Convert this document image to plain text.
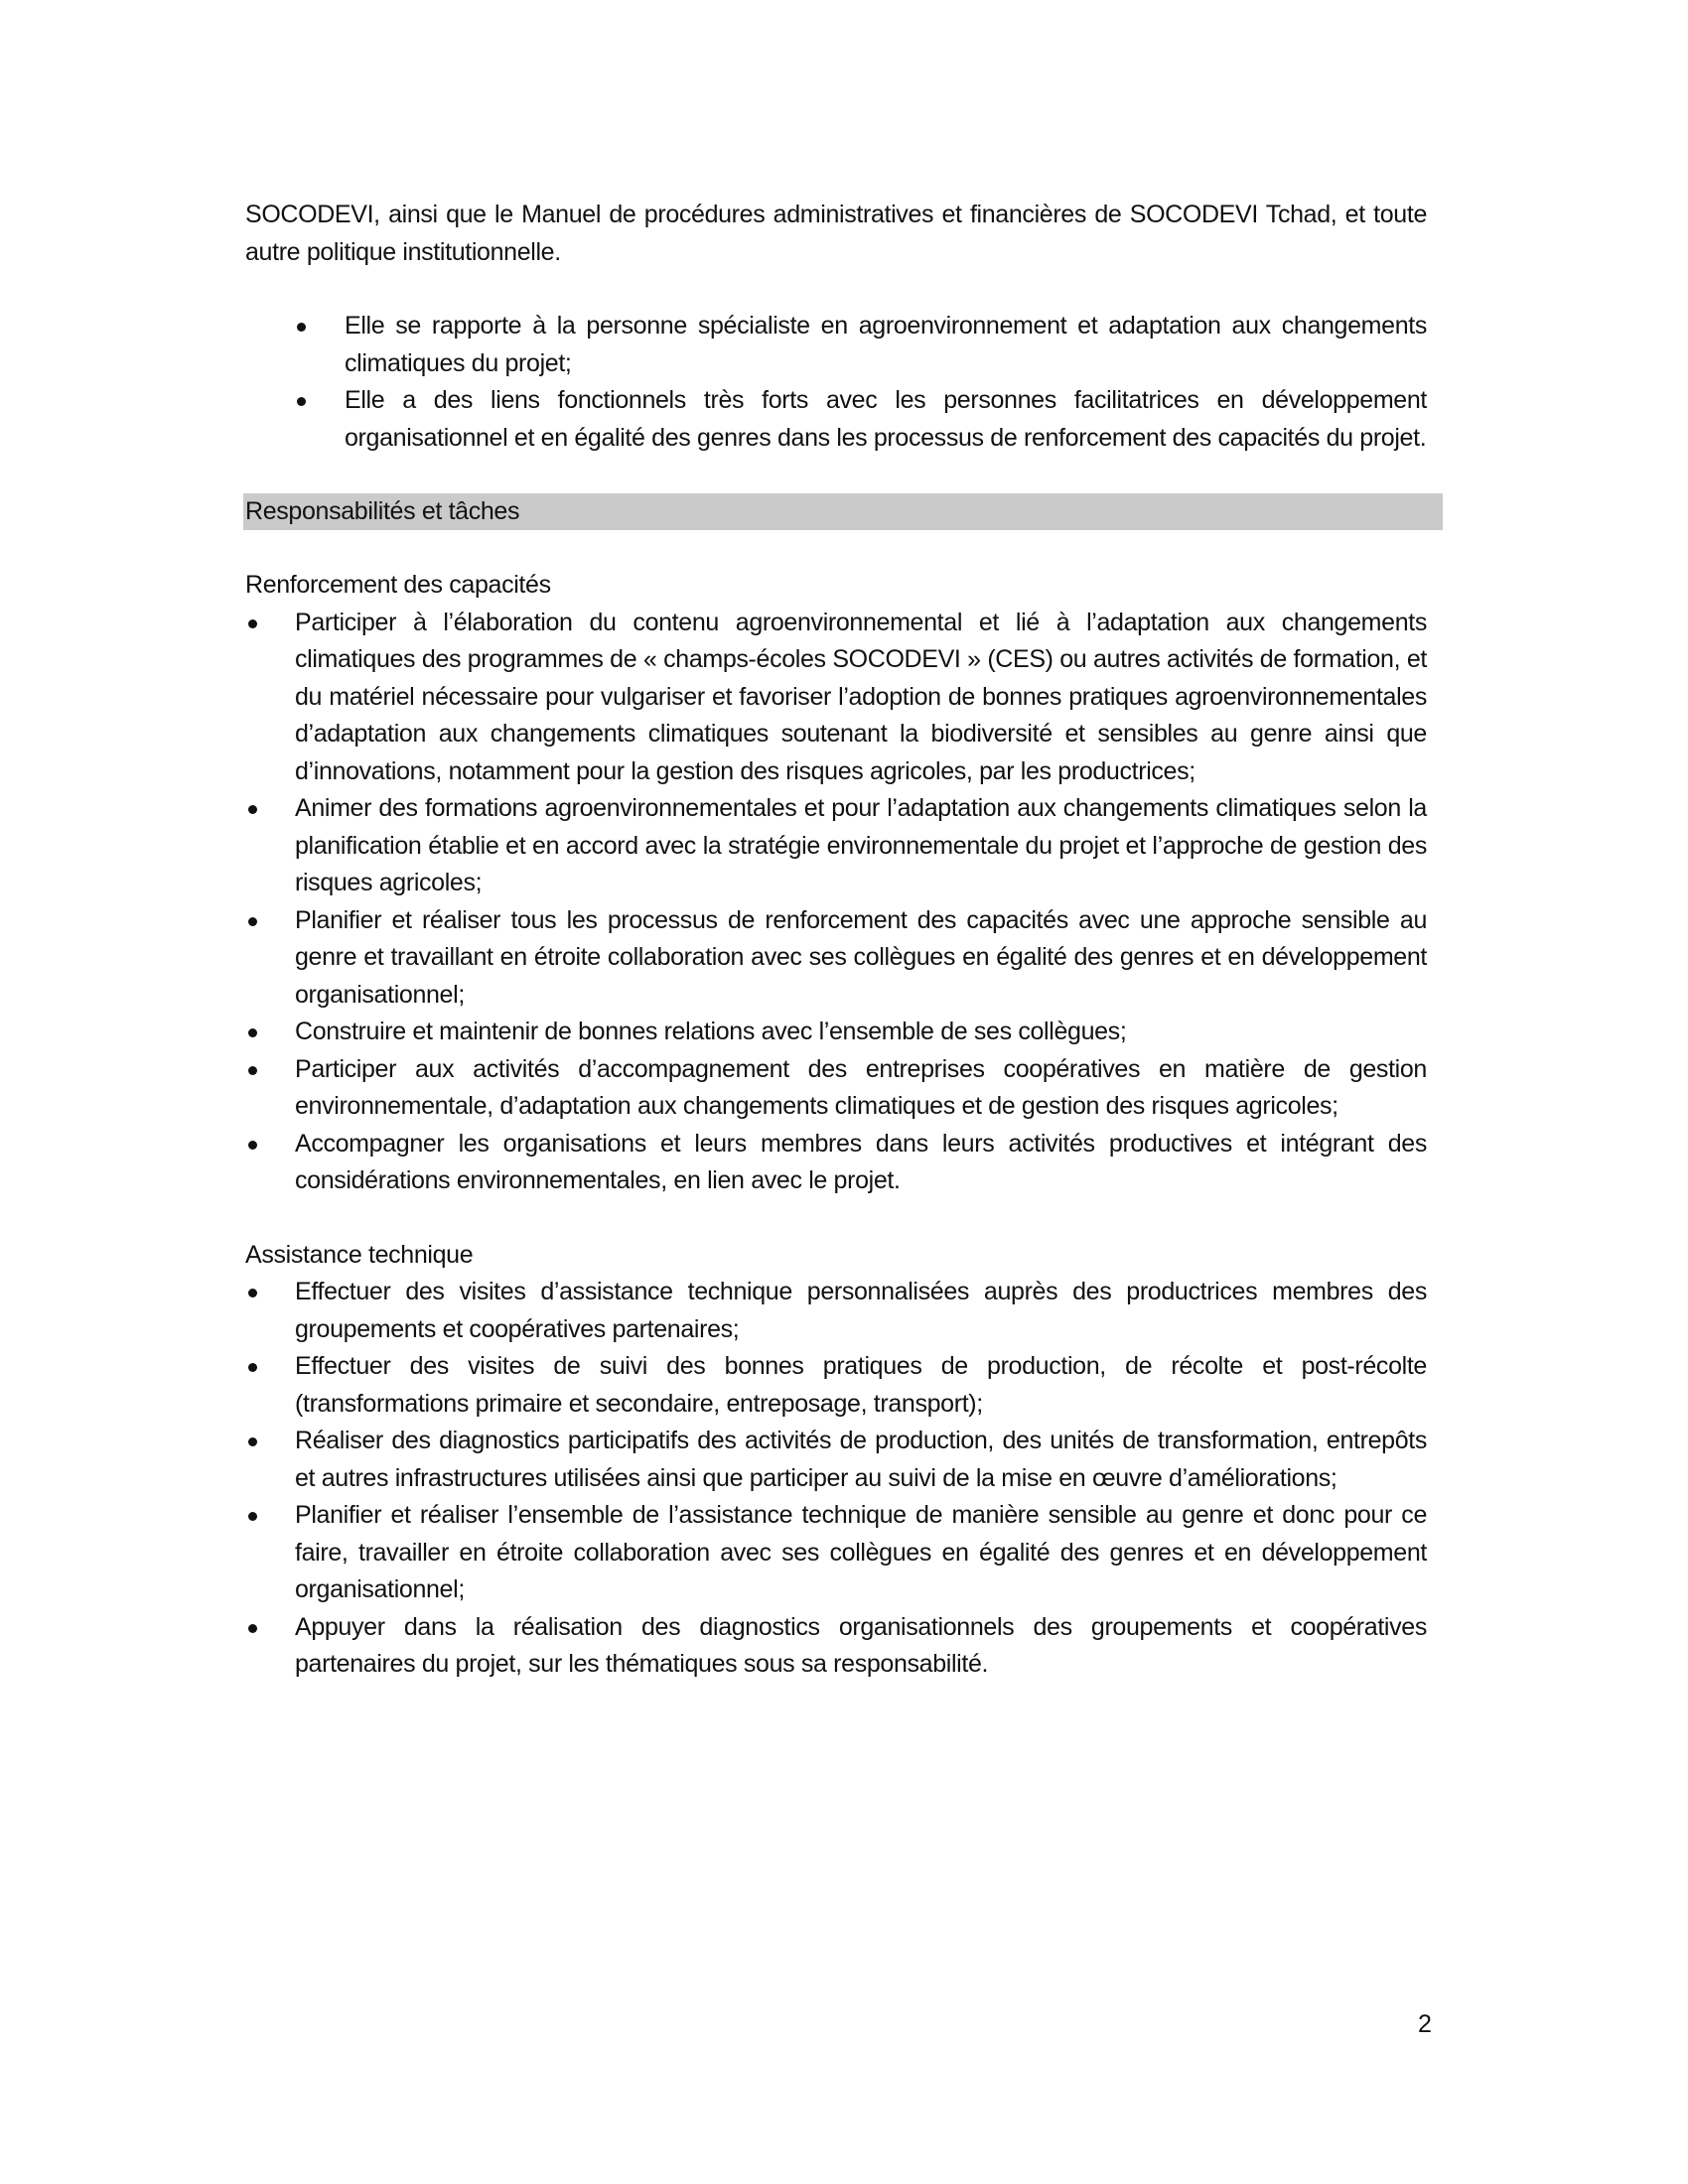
SOCODEVI, ainsi que le Manuel de procédures administratives et financières de SOCODEVI Tchad, et toute autre politique institutionnelle.

Elle se rapporte à la personne spécialiste en agroenvironnement et adaptation aux changements climatiques du projet;
Elle a des liens fonctionnels très forts avec les personnes facilitatrices en développement organisationnel et en égalité des genres dans les processus de renforcement des capacités du projet.
Responsabilités et tâches
Renforcement des capacités
Participer à l’élaboration du contenu agroenvironnemental et lié à l’adaptation aux changements climatiques des programmes de « champs-écoles SOCODEVI » (CES) ou autres activités de formation, et du matériel nécessaire pour vulgariser et favoriser l’adoption de bonnes pratiques agroenvironnementales d’adaptation aux changements climatiques soutenant la biodiversité et sensibles au genre ainsi que d’innovations, notamment pour la gestion des risques agricoles, par les productrices;
Animer des formations agroenvironnementales et pour l’adaptation aux changements climatiques selon la planification établie et en accord avec la stratégie environnementale du projet et l’approche de gestion des risques agricoles;
Planifier et réaliser tous les processus de renforcement des capacités avec une approche sensible au genre et travaillant en étroite collaboration avec ses collègues en égalité des genres et en développement organisationnel;
Construire et maintenir de bonnes relations avec l’ensemble de ses collègues;
Participer aux activités d’accompagnement des entreprises coopératives en matière de gestion environnementale, d’adaptation aux changements climatiques et de gestion des risques agricoles;
Accompagner les organisations et leurs membres dans leurs activités productives et intégrant des considérations environnementales, en lien avec le projet.
Assistance technique
Effectuer des visites d’assistance technique personnalisées auprès des productrices membres des groupements et coopératives partenaires;
Effectuer des visites de suivi des bonnes pratiques de production, de récolte et post-récolte (transformations primaire et secondaire, entreposage, transport);
Réaliser des diagnostics participatifs des activités de production, des unités de transformation, entrepôts et autres infrastructures utilisées ainsi que participer au suivi de la mise en œuvre d’améliorations;
Planifier et réaliser l’ensemble de l’assistance technique de manière sensible au genre et donc pour ce faire, travailler en étroite collaboration avec ses collègues en égalité des genres et en développement organisationnel;
Appuyer dans la réalisation des diagnostics organisationnels des groupements et coopératives partenaires du projet, sur les thématiques sous sa responsabilité.
2
